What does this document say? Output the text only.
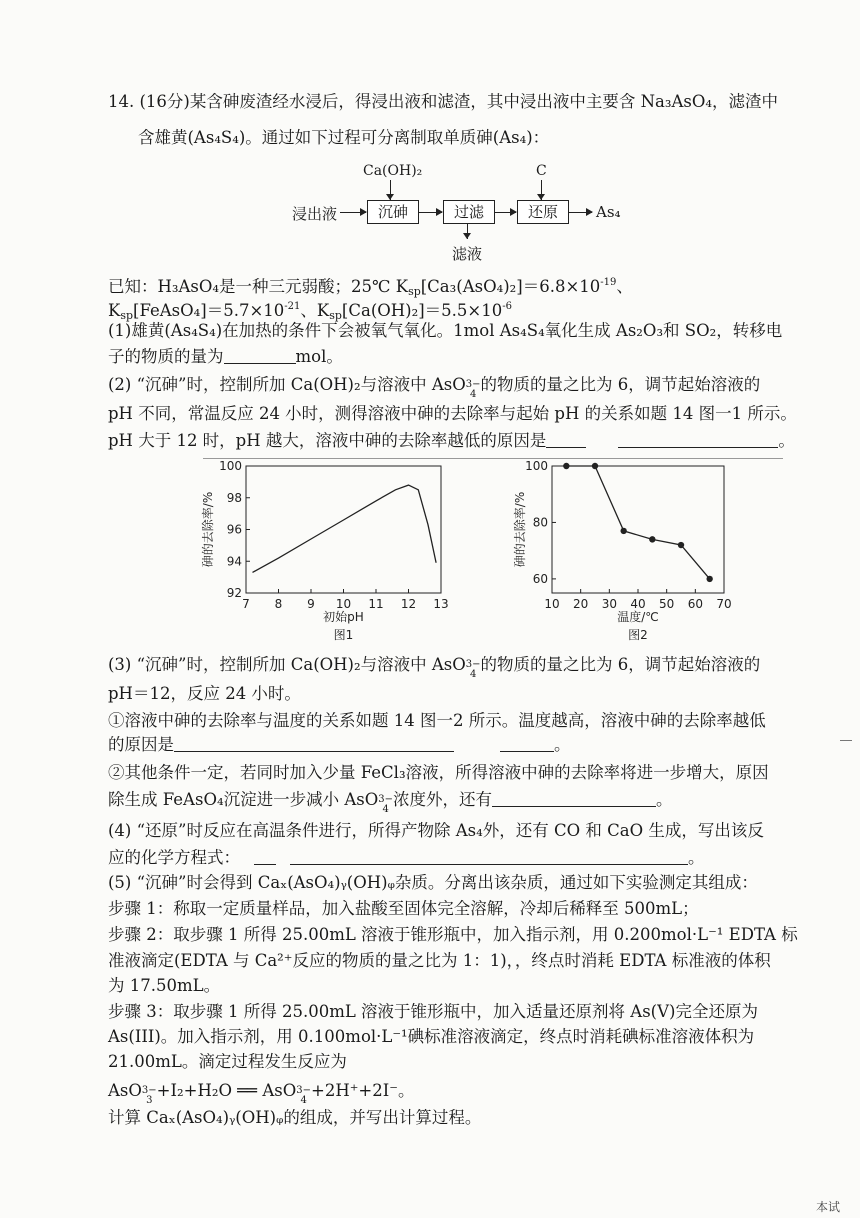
14. (16分)某含砷废渣经水浸后，得浸出液和滤渣，其中浸出液中主要含 Na₃AsO₄，滤渣中
含雄黄(As₄S₄)。通过如下过程可分离制取单质砷(As₄)：
Ca(OH)₂	C
浸出液	沉砷	过滤	还原	As₄
滤液
已知：H₃AsO₄是一种三元弱酸；25℃ $Ksp[Ca_3(AsO_4)_2]=6.8\times 10^{-19}$、
$Ksp[FeAsO_4]=5.7\times 10^{-21}$、$Ksp[Ca(OH)_2]=5.5\times 10^{-6}$
(1)雄黄(As₄S₄)在加热的条件下会被氧气氧化。1mol As₄S₄氧化生成 As₂O₃和 SO₂，转移电
子的物质的量为	mol。
(2) “沉砷”时，控制所加 Ca(OH)₂与溶液中 AsO3−
4的物质的量之比为 6，调节起始溶液的
pH 不同，常温反应 24 小时，测得溶液中砷的去除率与起始 pH 的关系如题 14 图一1 所示。
pH 大于 12 时，pH 越大，溶液中砷的去除率越低的原因是	。
7 8 9 10 11 12 13
92
94
96
98
100
初始pH
砷的去除率/%
图1
10 20 30 40 50 60 70
60
80
100
温度/℃
砷的去除率/%
图2
(3) “沉砷”时，控制所加 Ca(OH)₂与溶液中 AsO3−
4的物质的量之比为 6，调节起始溶液的
pH＝12，反应 24 小时。
①溶液中砷的去除率与温度的关系如题 14 图一2 所示。温度越高，溶液中砷的去除率越低
的原因是	。
②其他条件一定，若同时加入少量 FeCl₃溶液，所得溶液中砷的去除率将进一步增大，原因
除生成 FeAsO₄沉淀进一步减小 AsO3−
4浓度外，还有	。
(4) “还原”时反应在高温条件进行，所得产物除 As₄外，还有 CO 和 CaO 生成，写出该反
应的化学方程式：	。
(5) “沉砷”时会得到 Caₓ(AsO₄)ᵧ(OH)ᵩ杂质。分离出该杂质，通过如下实验测定其组成：
步骤 1：称取一定质量样品，加入盐酸至固体完全溶解，冷却后稀释至 500mL；
步骤 2：取步骤 1 所得 25.00mL 溶液于锥形瓶中，加入指示剂，用 0.200mol·L⁻¹ EDTA 标
准液滴定(EDTA 与 Ca²⁺反应的物质的量之比为 1：1)，，终点时消耗 EDTA 标准液的体积
为 17.50mL。
步骤 3：取步骤 1 所得 25.00mL 溶液于锥形瓶中，加入适量还原剂将 As(V)完全还原为
As(III)。加入指示剂，用 0.100mol·L⁻¹碘标准溶液滴定，终点时消耗碘标准溶液体积为
21.00mL。滴定过程发生反应为
AsO3−
3+I₂+H₂O ══ AsO3−
4+2H⁺+2I⁻。
计算 Caₓ(AsO₄)ᵧ(OH)ᵩ的组成，并写出计算过程。
本试
